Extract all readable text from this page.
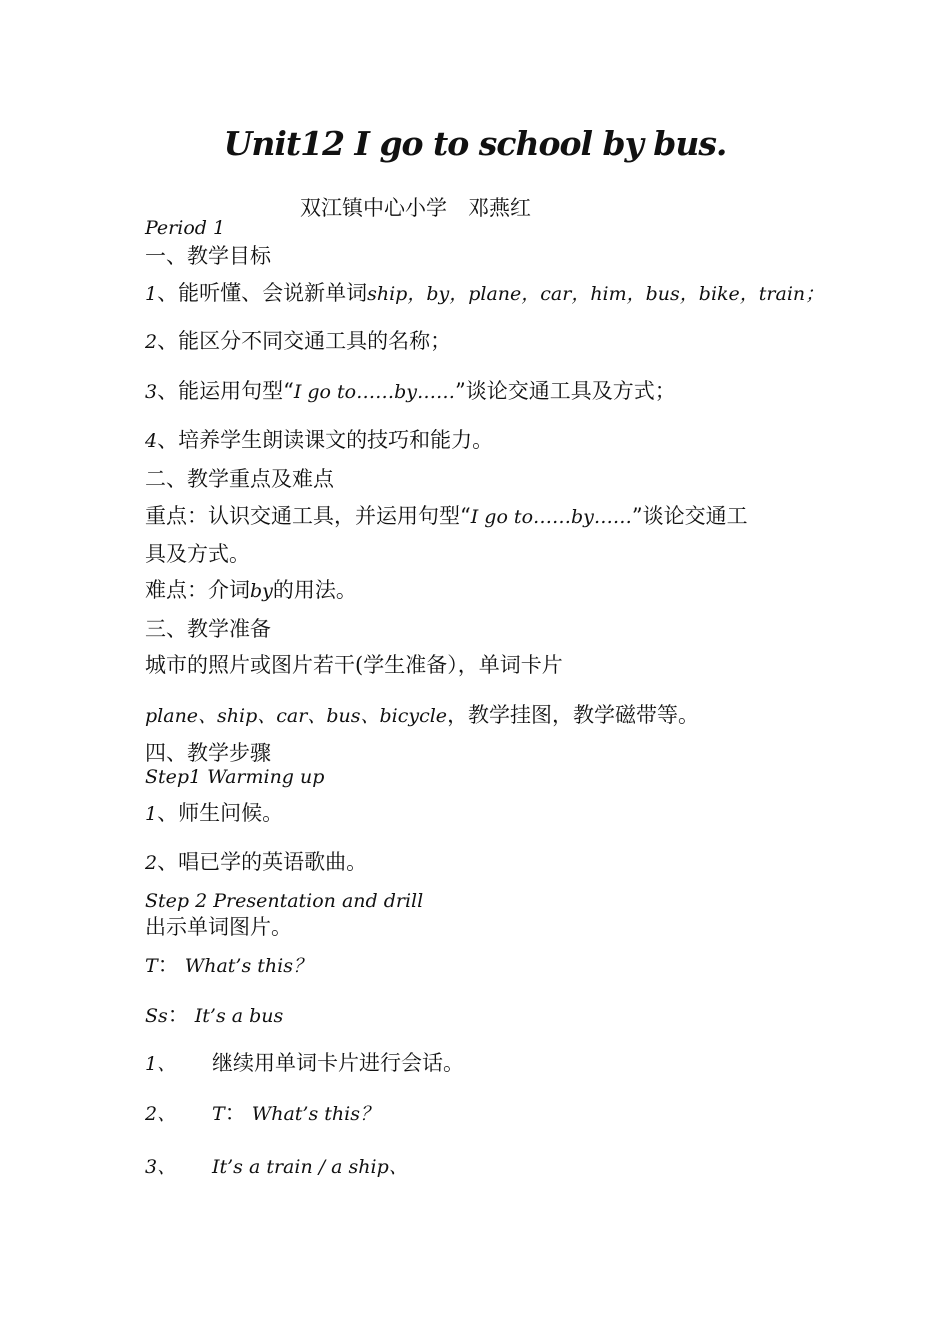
Unit12 I go to school by bus.
双江镇中心小学　邓燕红
Period 1
一、教学目标
1、能听懂、会说新单词ship，by，plane，car，him，bus，bike，train；
2、能区分不同交通工具的名称；
3、能运用句型“I go to……by……”谈论交通工具及方式；
4、培养学生朗读课文的技巧和能力。
二、教学重点及难点
重点：认识交通工具，并运用句型“I go to……by……”谈论交通工
具及方式。
难点：介词by的用法。
三、教学准备
城市的照片或图片若干(学生准备），单词卡片
plane、ship、car、bus、bicycle，教学挂图，教学磁带等。
四、教学步骤
Step1 Warming up
1、师生问候。
2、唱已学的英语歌曲。
Step 2 Presentation and drill
出示单词图片。
T： What’s this？
Ss： It’s a bus
1、 继续用单词卡片进行会话。
2、 T： What’s this？
3、 It’s a train / a ship、
